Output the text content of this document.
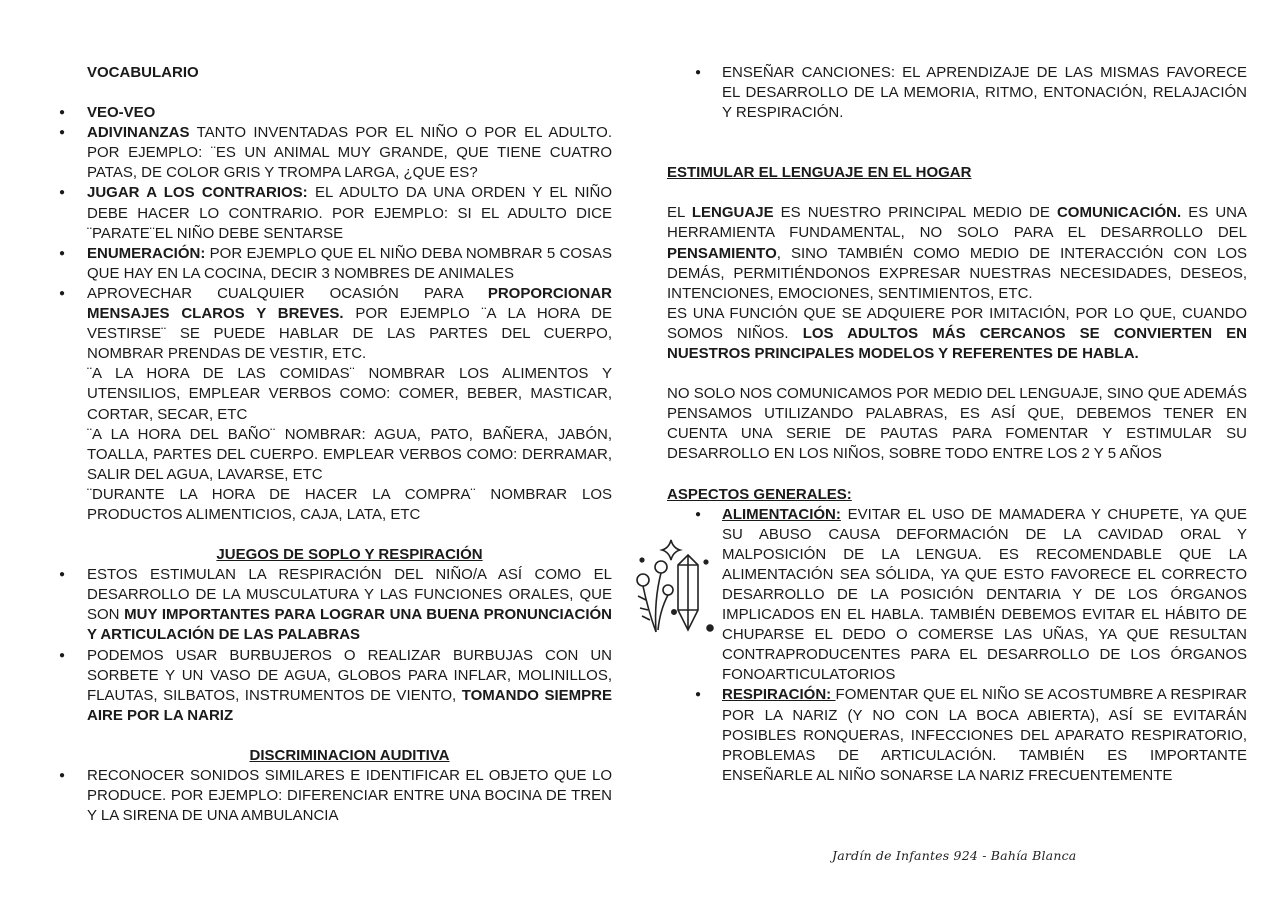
VOCABULARIO

● VEO-VEO
● ADIVINANZAS TANTO INVENTADAS POR EL NIÑO O POR EL ADULTO. POR EJEMPLO: ¨ES UN ANIMAL MUY GRANDE, QUE TIENE CUATRO PATAS, DE COLOR GRIS Y TROMPA LARGA, ¿QUE ES?
● JUGAR A LOS CONTRARIOS: EL ADULTO DA UNA ORDEN Y EL NIÑO DEBE HACER LO CONTRARIO. POR EJEMPLO: SI EL ADULTO DICE ¨PARATE¨EL NIÑO DEBE SENTARSE
● ENUMERACIÓN: POR EJEMPLO QUE EL NIÑO DEBA NOMBRAR 5 COSAS QUE HAY EN LA COCINA, DECIR 3 NOMBRES DE ANIMALES
● APROVECHAR CUALQUIER OCASIÓN PARA PROPORCIONAR MENSAJES CLAROS Y BREVES. POR EJEMPLO ¨A LA HORA DE VESTIRSE¨ SE PUEDE HABLAR DE LAS PARTES DEL CUERPO, NOMBRAR PRENDAS DE VESTIR, ETC.

¨A LA HORA DE LAS COMIDAS¨ NOMBRAR LOS ALIMENTOS Y UTENSILIOS, EMPLEAR VERBOS COMO: COMER, BEBER, MASTICAR, CORTAR, SECAR, ETC

¨A LA HORA DEL BAÑO¨ NOMBRAR: AGUA, PATO, BAÑERA, JABÓN, TOALLA, PARTES DEL CUERPO. EMPLEAR VERBOS COMO: DERRAMAR, SALIR DEL AGUA, LAVARSE, ETC

¨DURANTE LA HORA DE HACER LA COMPRA¨ NOMBRAR LOS PRODUCTOS ALIMENTICIOS, CAJA, LATA, ETC

JUEGOS DE SOPLO Y RESPIRACIÓN

● ESTOS ESTIMULAN LA RESPIRACIÓN DEL NIÑO/A ASÍ COMO EL DESARROLLO DE LA MUSCULATURA Y LAS FUNCIONES ORALES, QUE SON MUY IMPORTANTES PARA LOGRAR UNA BUENA PRONUNCIACIÓN Y ARTICULACIÓN DE LAS PALABRAS
● PODEMOS USAR BURBUJEROS O REALIZAR BURBUJAS CON UN SORBETE Y UN VASO DE AGUA, GLOBOS PARA INFLAR, MOLINILLOS, FLAUTAS, SILBATOS, INSTRUMENTOS DE VIENTO, TOMANDO SIEMPRE AIRE POR LA NARIZ

DISCRIMINACION AUDITIVA

● RECONOCER SONIDOS SIMILARES E IDENTIFICAR EL OBJETO QUE LO PRODUCE. POR EJEMPLO: DIFERENCIAR ENTRE UNA BOCINA DE TREN Y LA SIRENA DE UNA AMBULANCIA
● ENSEÑAR CANCIONES: EL APRENDIZAJE DE LAS MISMAS FAVORECE EL DESARROLLO DE LA MEMORIA, RITMO, ENTONACIÓN, RELAJACIÓN Y RESPIRACIÓN.

ESTIMULAR EL LENGUAJE EN EL HOGAR

EL LENGUAJE ES NUESTRO PRINCIPAL MEDIO DE COMUNICACIÓN. ES UNA HERRAMIENTA FUNDAMENTAL, NO SOLO PARA EL DESARROLLO DEL PENSAMIENTO, SINO TAMBIÉN COMO MEDIO DE INTERACCIÓN CON LOS DEMÁS, PERMITIÉNDONOS EXPRESAR NUESTRAS NECESIDADES, DESEOS, INTENCIONES, EMOCIONES, SENTIMIENTOS, ETC.

ES UNA FUNCIÓN QUE SE ADQUIERE POR IMITACIÓN, POR LO QUE, CUANDO SOMOS NIÑOS. LOS ADULTOS MÁS CERCANOS SE CONVIERTEN EN NUESTROS PRINCIPALES MODELOS Y REFERENTES DE HABLA.

NO SOLO NOS COMUNICAMOS POR MEDIO DEL LENGUAJE, SINO QUE ADEMÁS PENSAMOS UTILIZANDO PALABRAS, ES ASÍ QUE, DEBEMOS TENER EN CUENTA UNA SERIE DE PAUTAS PARA FOMENTAR Y ESTIMULAR SU DESARROLLO EN LOS NIÑOS, SOBRE TODO ENTRE LOS 2 Y 5 AÑOS

ASPECTOS GENERALES:

● ALIMENTACIÓN: EVITAR EL USO DE MAMADERA Y CHUPETE, YA QUE SU ABUSO CAUSA DEFORMACIÓN DE LA CAVIDAD ORAL Y MALPOSICIÓN DE LA LENGUA. ES RECOMENDABLE QUE LA ALIMENTACIÓN SEA SÓLIDA, YA QUE ESTO FAVORECE EL CORRECTO DESARROLLO DE LA POSICIÓN DENTARIA Y DE LOS ÓRGANOS IMPLICADOS EN EL HABLA. TAMBIÉN DEBEMOS EVITAR EL HÁBITO DE CHUPARSE EL DEDO O COMERSE LAS UÑAS, YA QUE RESULTAN CONTRAPRODUCENTES PARA EL DESARROLLO DE LOS ÓRGANOS FONOARTICULATORIOS
● RESPIRACIÓN: FOMENTAR QUE EL NIÑO SE ACOSTUMBRE A RESPIRAR POR LA NARIZ (Y NO CON LA BOCA ABIERTA), ASÍ SE EVITARÁN POSIBLES RONQUERAS, INFECCIONES DEL APARATO RESPIRATORIO, PROBLEMAS DE ARTICULACIÓN. TAMBIÉN ES IMPORTANTE ENSEÑARLE AL NIÑO SONARSE LA NARIZ FRECUENTEMENTE
Jardín de Infantes 924 - Bahía Blanca
